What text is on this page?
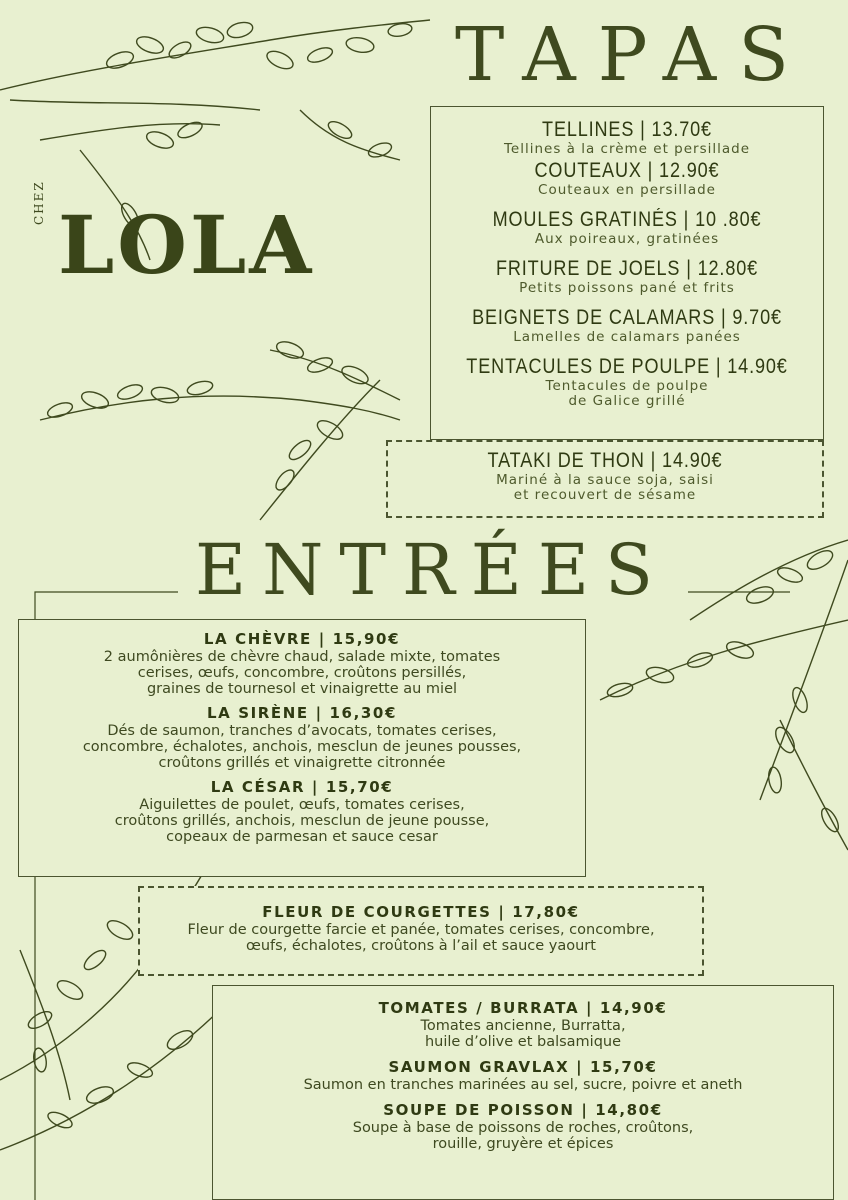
TAPAS
CHEZ LOLA
TELLINES | 13.70€
Tellines à la crème et persillade
COUTEAUX | 12.90€
Couteaux en persillade
MOULES GRATINÉS | 10 .80€
Aux poireaux, gratinées
FRITURE DE JOELS | 12.80€
Petits poissons pané et frits
BEIGNETS DE CALAMARS | 9.70€
Lamelles de calamars panées
TENTACULES DE POULPE | 14.90€
Tentacules de poulpe
de Galice grillé
TATAKI DE THON | 14.90€
Mariné à la sauce soja, saisi
et recouvert de sésame
ENTRÉES
LA CHÈVRE | 15,90€
2 aumônières de chèvre chaud, salade mixte, tomates
cerises, œufs, concombre, croûtons persillés,
graines de tournesol et vinaigrette au miel
LA SIRÈNE | 16,30€
Dés de saumon, tranches d’avocats, tomates cerises,
concombre, échalotes, anchois, mesclun de jeunes pousses,
croûtons grillés et vinaigrette citronnée
LA CÉSAR | 15,70€
Aiguilettes de poulet, œufs, tomates cerises,
croûtons grillés, anchois, mesclun de jeune pousse,
copeaux de parmesan et sauce cesar
FLEUR DE COURGETTES | 17,80€
Fleur de courgette farcie et panée, tomates cerises, concombre,
œufs, échalotes, croûtons à l’ail et sauce yaourt
TOMATES / BURRATA | 14,90€
Tomates ancienne, Burratta,
huile d’olive et balsamique
SAUMON GRAVLAX | 15,70€
Saumon en tranches marinées au sel, sucre, poivre et aneth
SOUPE DE POISSON | 14,80€
Soupe à base de poissons de roches, croûtons,
rouille, gruyère et épices
